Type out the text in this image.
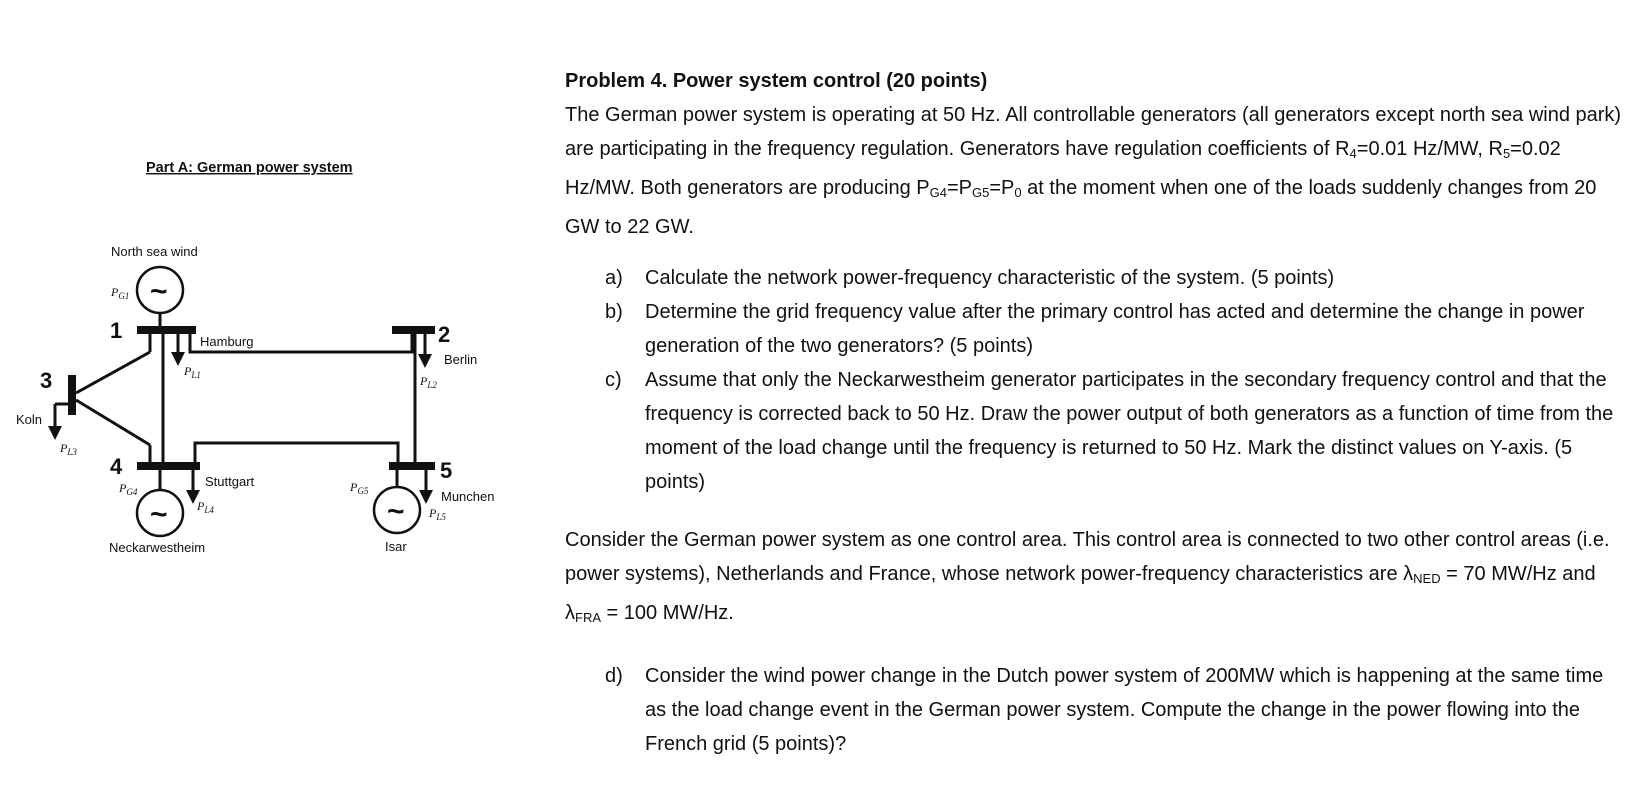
Part A: German power system
North sea wind
~
$P_{G1}$
1
$P_{L1}$
Hamburg	2
$P_{L2}$
Berlin
3
$P_{L3}$
Koln
4
$P_{L4}$
Stuttgart
~
$P_{G4}$
Neckarwestheim
5
$P_{L5}$
Munchen
~
$P_{G5}$
Isar
Problem 4. Power system control (20 points)

The German power system is operating at 50 Hz. All controllable generators (all generators except north sea wind park) are participating in the frequency regulation. Generators have regulation coefficients of $R_4=0.01$ Hz/MW, $R_5=0.02$ Hz/MW. Both generators are producing $P_{G4}=P_{G5}=P_0$ at the moment when one of the loads suddenly changes from 20 GW to 22 GW.

a)	Calculate the network power-frequency characteristic of the system. (5 points)
b)	Determine the grid frequency value after the primary control has acted and determine the change in power generation of the two generators? (5 points)
c)	Assume that only the Neckarwestheim generator participates in the secondary frequency control and that the frequency is corrected back to 50 Hz. Draw the power output of both generators as a function of time from the moment of the load change until the frequency is returned to 50 Hz. Mark the distinct values on Y-axis. (5 points)

Consider the German power system as one control area. This control area is connected to two other control areas (i.e. power systems), Netherlands and France, whose network power-frequency characteristics are $\lambda_{NED} = 70$ MW/Hz and $\lambda_{FRA} = 100$ MW/Hz.

d)	Consider the wind power change in the Dutch power system of 200MW which is happening at the same time as the load change event in the German power system. Compute the change in the power flowing into the French grid (5 points)?
